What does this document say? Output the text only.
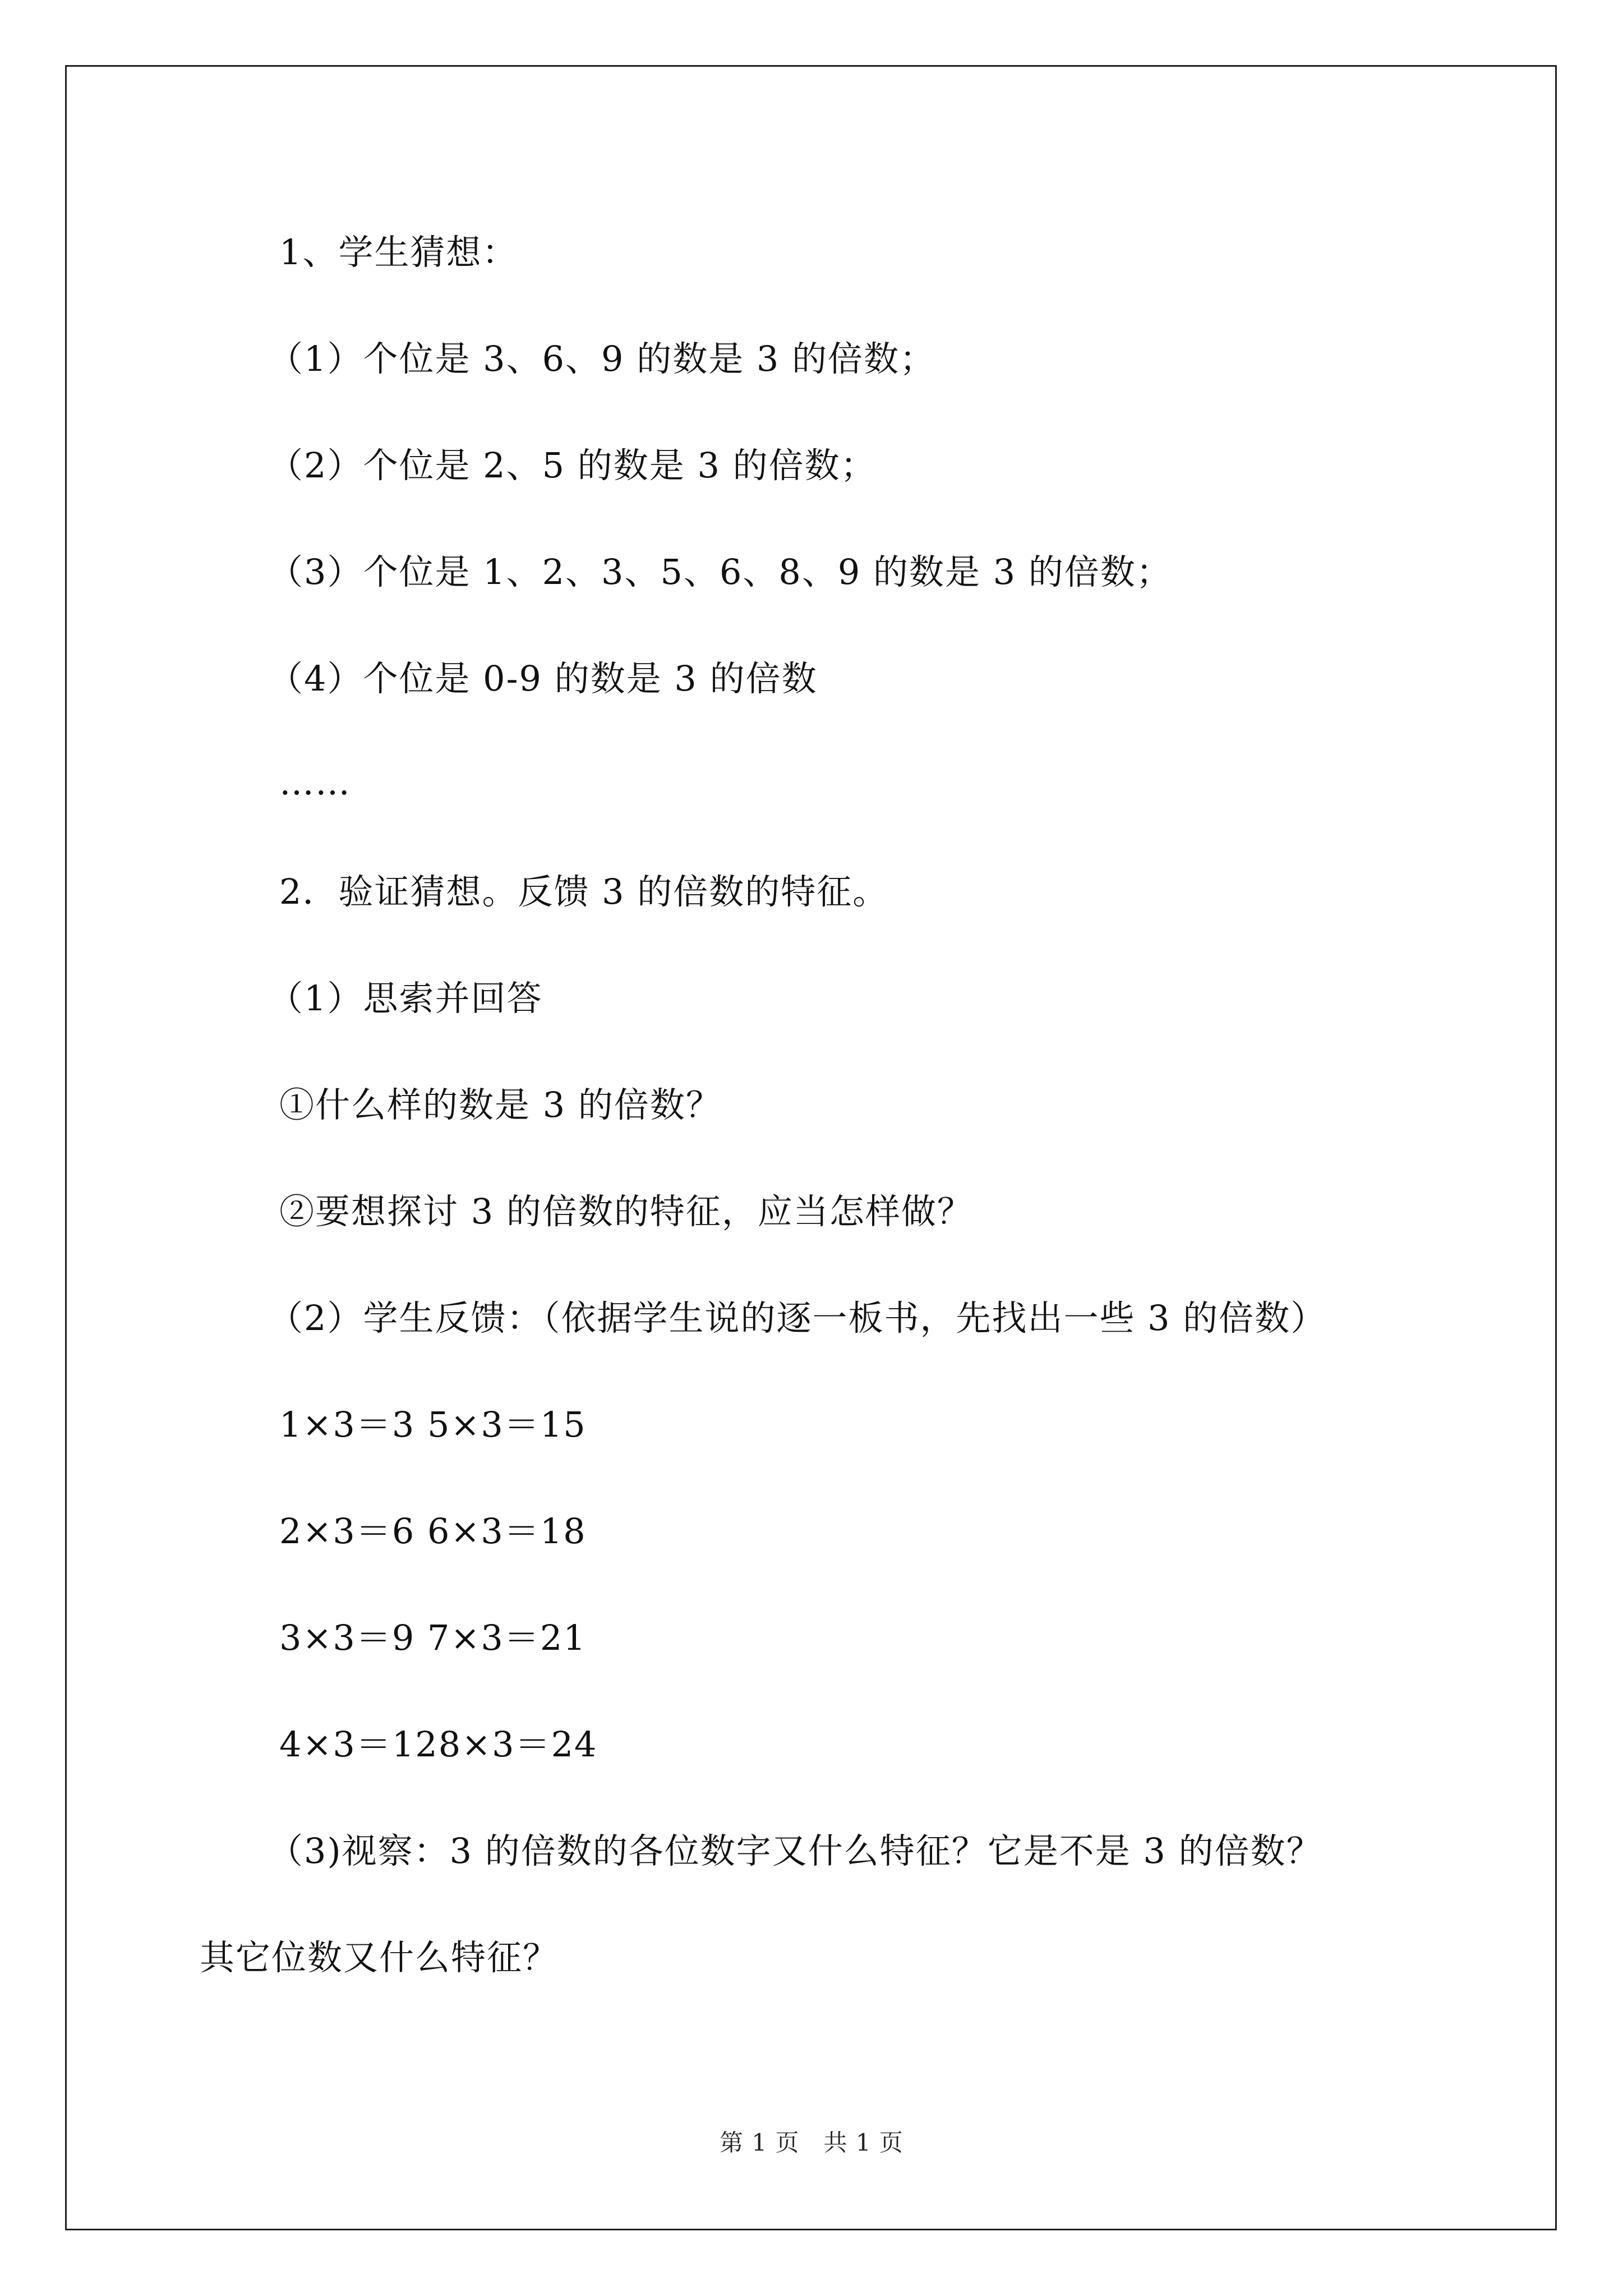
1、学生猜想：
（1）个位是 3、6、9 的数是 3 的倍数；
（2）个位是 2、5 的数是 3 的倍数；
（3）个位是 1、2、3、5、6、8、9 的数是 3 的倍数；
（4）个位是 0-9 的数是 3 的倍数
……
2．验证猜想。反馈 3 的倍数的特征。
（1）思索并回答
①什么样的数是 3 的倍数？
②要想探讨 3 的倍数的特征，应当怎样做？
（2）学生反馈：（依据学生说的逐一板书，先找出一些 3 的倍数）
1×3＝3 5×3＝15
2×3＝6 6×3＝18
3×3＝9 7×3＝21
4×3＝128×3＝24
（3)视察：3 的倍数的各位数字又什么特征？它是不是 3 的倍数？
其它位数又什么特征？
第 1 页　共 1 页
